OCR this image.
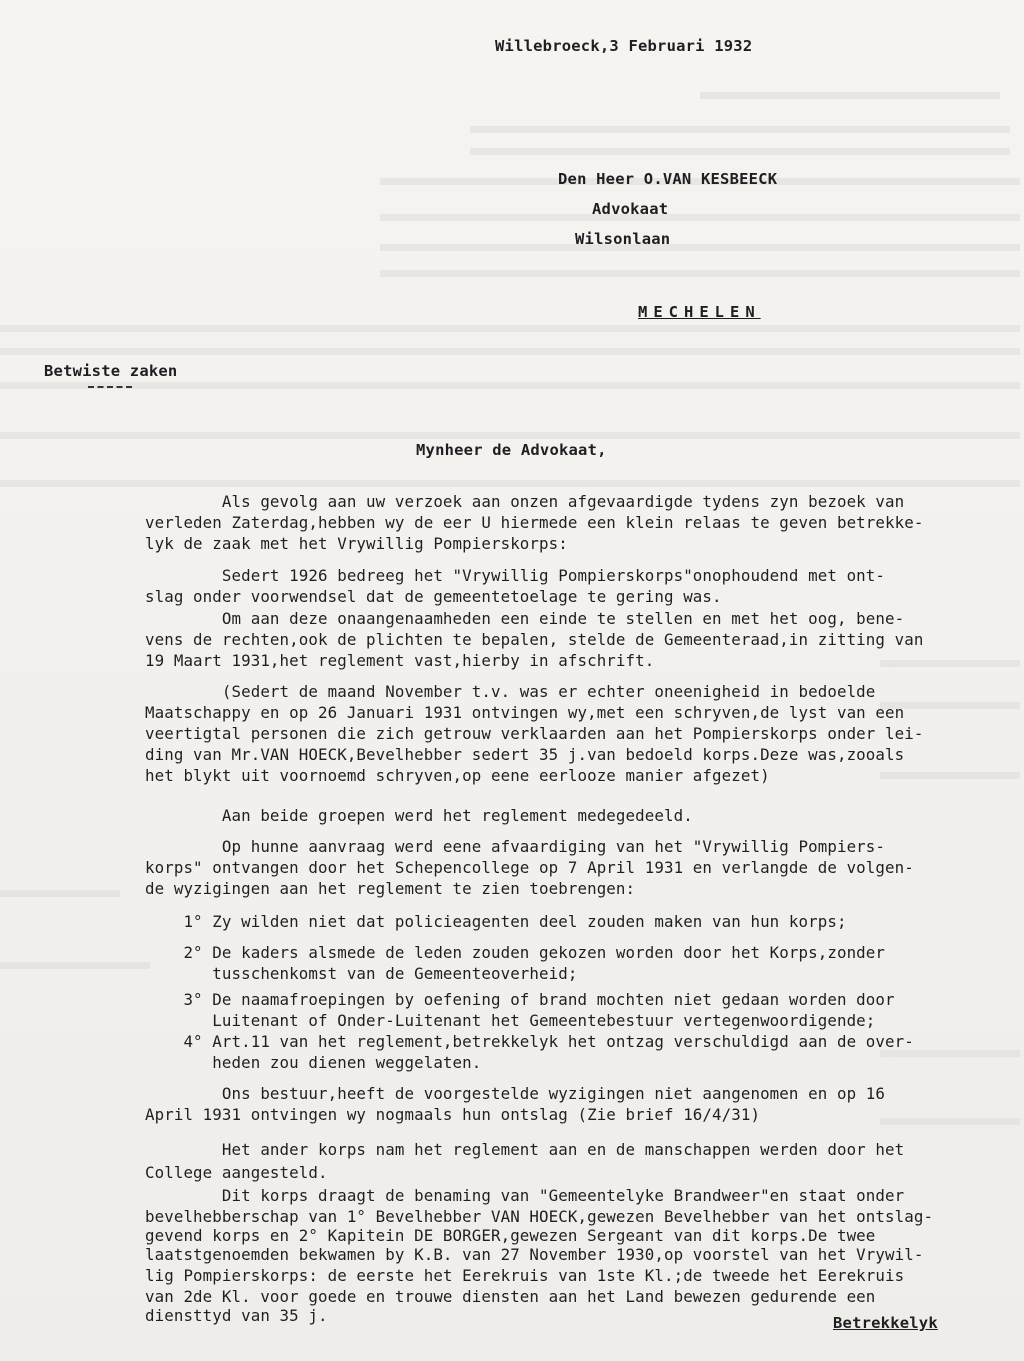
Willebroeck,3 Februari 1932
Den Heer O.VAN KESBEECK
Advokaat
Wilsonlaan
MECHELEN
Betwiste zaken
Mynheer de Advokaat,
Als gevolg aan uw verzoek aan onzen afgevaardigde tydens zyn bezoek van
verleden Zaterdag,hebben wy de eer U hiermede een klein relaas te geven betrekke-
lyk de zaak met het Vrywillig Pompierskorps:
Sedert 1926 bedreeg het "Vrywillig Pompierskorps"onophoudend met ont-
slag onder voorwendsel dat de gemeentetoelage te gering was.
Om aan deze onaangenaamheden een einde te stellen en met het oog, bene-
vens de rechten,ook de plichten te bepalen, stelde de Gemeenteraad,in zitting van
19 Maart 1931,het reglement vast,hierby in afschrift.
(Sedert de maand November t.v. was er echter oneenigheid in bedoelde
Maatschappy en op 26 Januari 1931 ontvingen wy,met een schryven,de lyst van een
veertigtal personen die zich getrouw verklaarden aan het Pompierskorps onder lei-
ding van Mr.VAN HOECK,Bevelhebber sedert 35 j.van bedoeld korps.Deze was,zooals
het blykt uit voornoemd schryven,op eene eerlooze manier afgezet)
Aan beide groepen werd het reglement medegedeeld.
Op hunne aanvraag werd eene afvaardiging van het "Vrywillig Pompiers-
korps" ontvangen door het Schepencollege op 7 April 1931 en verlangde de volgen-
de wyzigingen aan het reglement te zien toebrengen:
1° Zy wilden niet dat policieagenten deel zouden maken van hun korps;
2° De kaders alsmede de leden zouden gekozen worden door het Korps,zonder
tusschenkomst van de Gemeenteoverheid;
3° De naamafroepingen by oefening of brand mochten niet gedaan worden door
Luitenant of Onder-Luitenant het Gemeentebestuur vertegenwoordigende;
4° Art.11 van het reglement,betrekkelyk het ontzag verschuldigd aan de over-
heden zou dienen weggelaten.
Ons bestuur,heeft de voorgestelde wyzigingen niet aangenomen en op 16
April 1931 ontvingen wy nogmaals hun ontslag (Zie brief 16/4/31)
Het ander korps nam het reglement aan en de manschappen werden door het
College aangesteld.
Dit korps draagt de benaming van "Gemeentelyke Brandweer"en staat onder
bevelhebberschap van 1° Bevelhebber VAN HOECK,gewezen Bevelhebber van het ontslag-
gevend korps en 2° Kapitein DE BORGER,gewezen Sergeant van dit korps.De twee
laatstgenoemden bekwamen by K.B. van 27 November 1930,op voorstel van het Vrywil-
lig Pompierskorps: de eerste het Eerekruis van 1ste Kl.;de tweede het Eerekruis
van 2de Kl. voor goede en trouwe diensten aan het Land bewezen gedurende een
diensttyd van 35 j.	Betrekkelyk
